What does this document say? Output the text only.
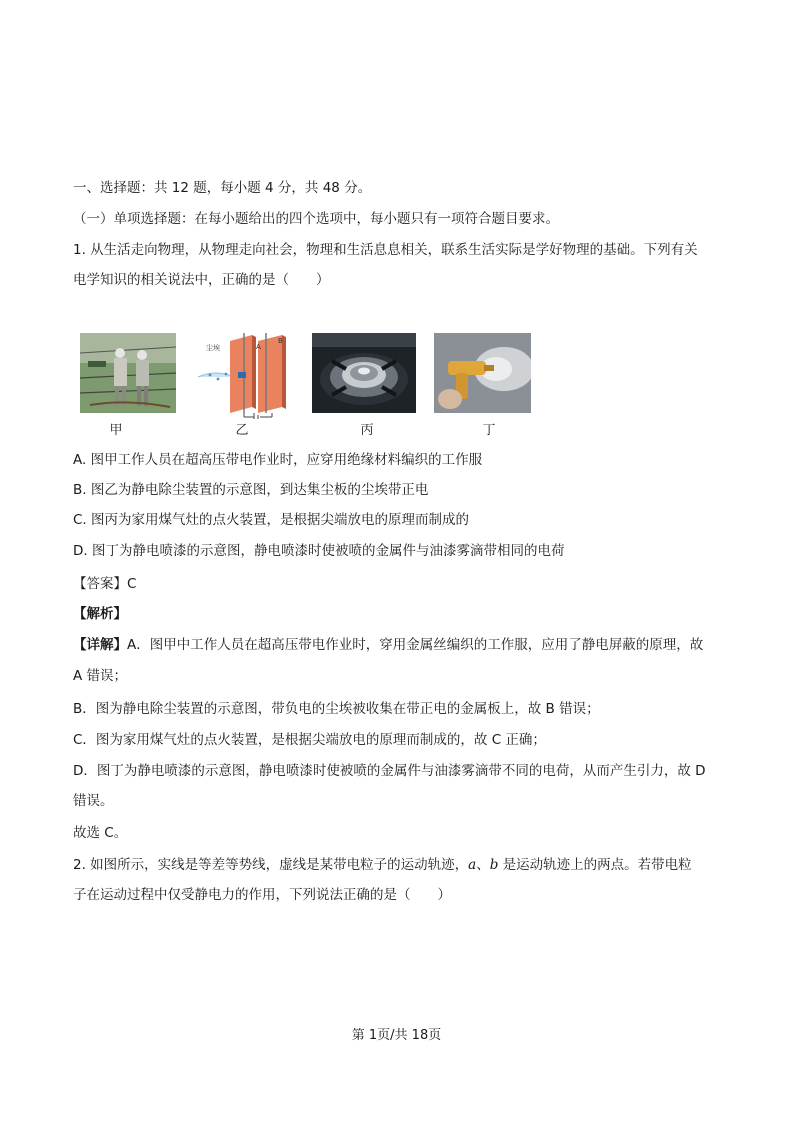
一、选择题：共 12 题，每小题 4 分，共 48 分。
（一）单项选择题：在每小题给出的四个选项中，每小题只有一项符合题目要求。
1. 从生活走向物理，从物理走向社会，物理和生活息息相关，联系生活实际是学好物理的基础。下列有关
电学知识的相关说法中，正确的是（　　）
甲
尘埃	A
B
乙	丙	丁
A. 图甲工作人员在超高压带电作业时，应穿用绝缘材料编织的工作服
B. 图乙为静电除尘装置的示意图，到达集尘板的尘埃带正电
C. 图丙为家用煤气灶的点火装置，是根据尖端放电的原理而制成的
D. 图丁为静电喷漆的示意图，静电喷漆时使被喷的金属件与油漆雾滴带相同的电荷
【答案】C
【解析】
【详解】A．图甲中工作人员在超高压带电作业时，穿用金属丝编织的工作服，应用了静电屏蔽的原理，故
A 错误；
B．图为静电除尘装置的示意图，带负电的尘埃被收集在带正电的金属板上，故 B 错误；
C．图为家用煤气灶的点火装置，是根据尖端放电的原理而制成的，故 C 正确；
D．图丁为静电喷漆的示意图，静电喷漆时使被喷的金属件与油漆雾滴带不同的电荷，从而产生引力，故 D
错误。
故选 C。
2. 如图所示，实线是等差等势线，虚线是某带电粒子的运动轨迹，a、b 是运动轨迹上的两点。若带电粒
子在运动过程中仅受静电力的作用，下列说法正确的是（　　）
第 1页/共 18页
